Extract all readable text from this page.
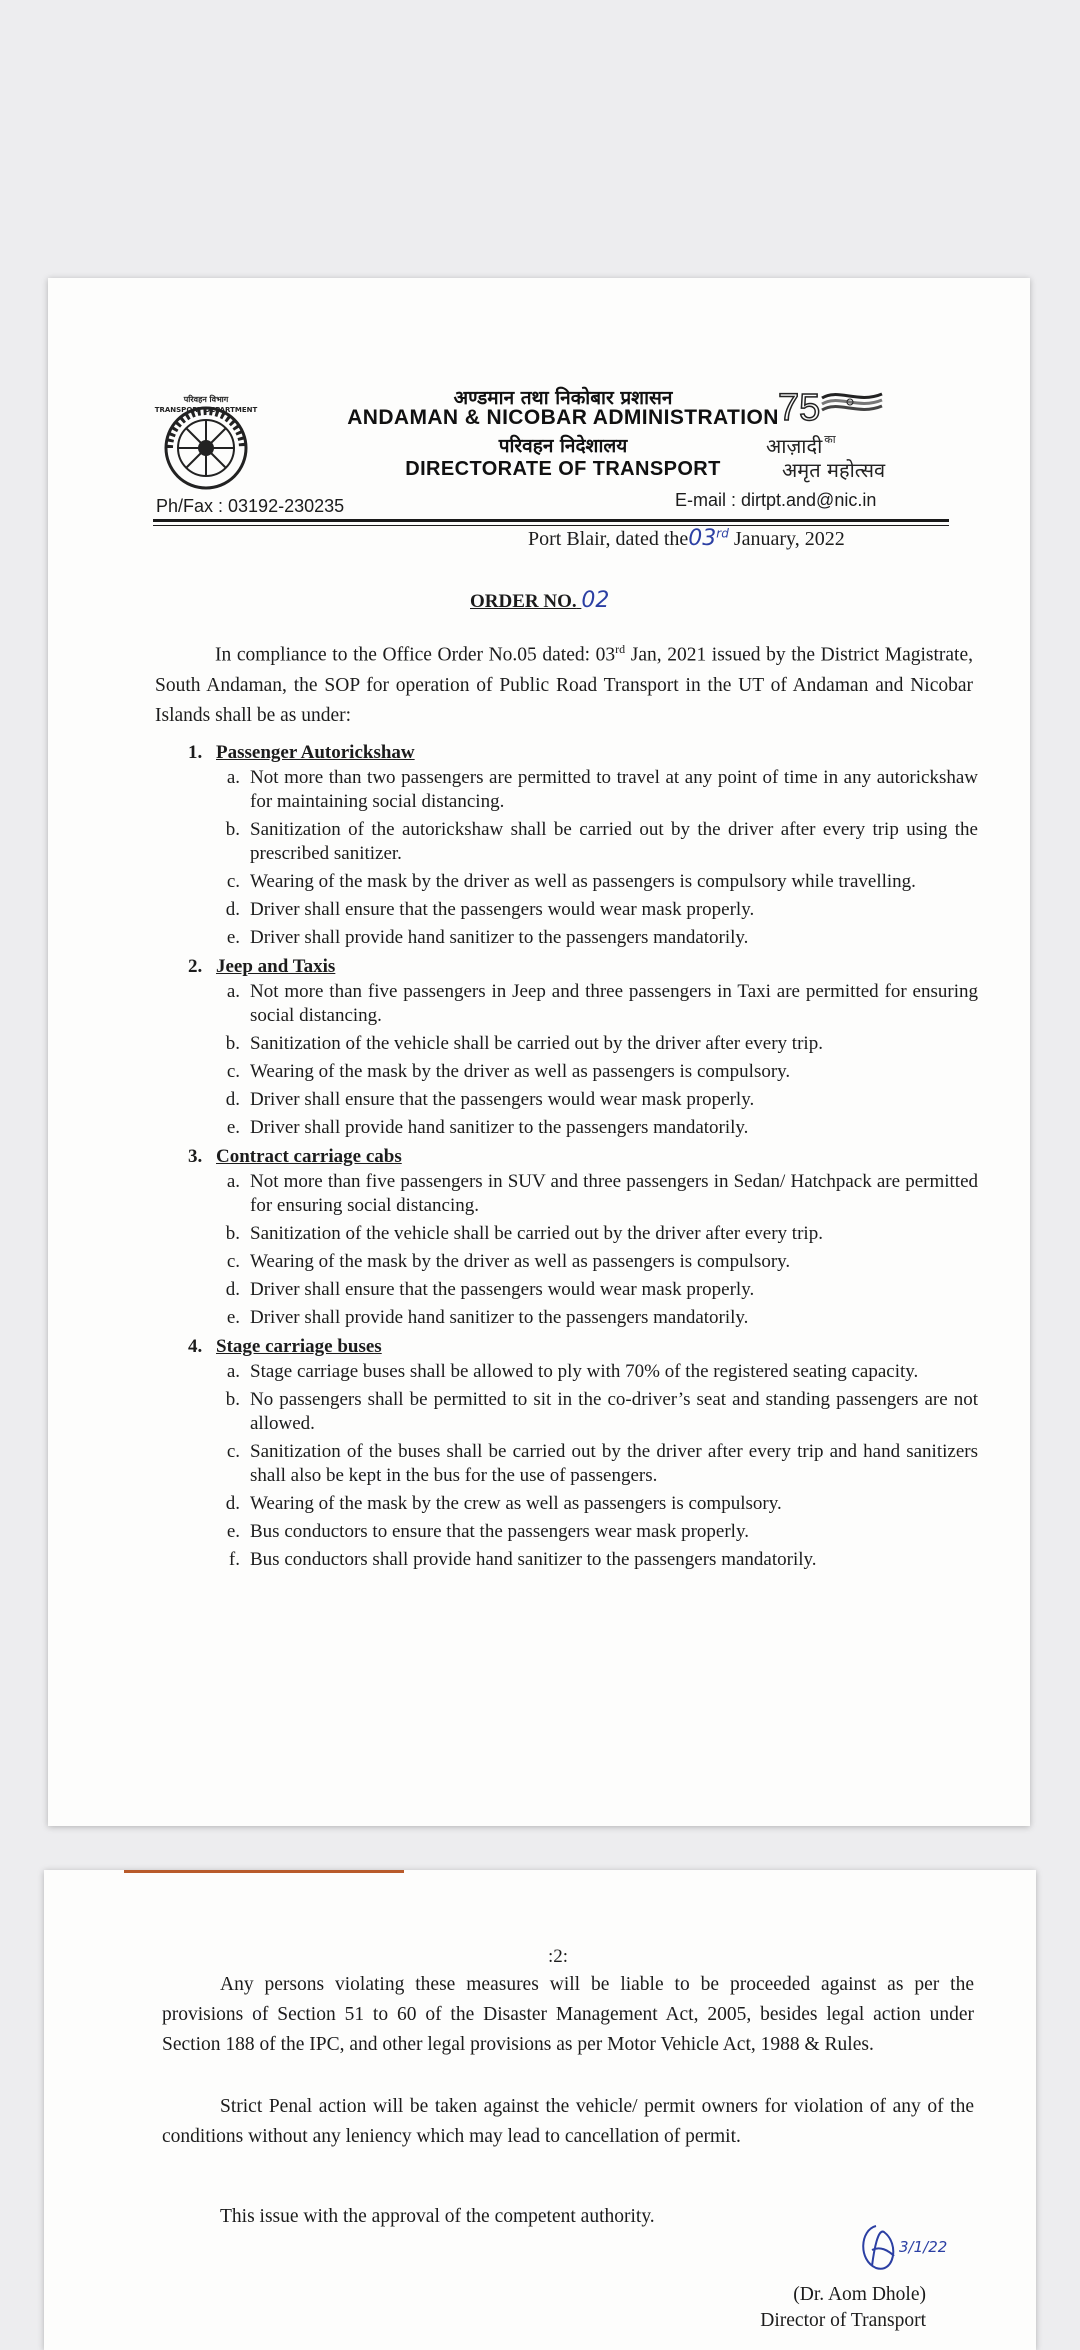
परिवहन विभाग
TRANSPORT DEPARTMENT
अण्डमान तथा निकोबार प्रशासन
ANDAMAN & NICOBAR ADMINISTRATION
परिवहन निदेशालय
DIRECTORATE OF TRANSPORT
75
आज़ादी $^{का}$
अमृत महोत्सव
Ph/Fax : 03192-230235	E-mail : dirtpt.and@nic.in
Port Blair, dated the03rd January, 2022
ORDER NO. 02
In compliance to the Office Order No.05 dated: 03rd Jan, 2021 issued by the District Magistrate, South Andaman, the SOP for operation of Public Road Transport in the UT of Andaman and Nicobar Islands shall be as under:
1. Passenger Autorickshaw
a. Not more than two passengers are permitted to travel at any point of time in any autorickshaw for maintaining social distancing.
b. Sanitization of the autorickshaw shall be carried out by the driver after every trip using the prescribed sanitizer.
c. Wearing of the mask by the driver as well as passengers is compulsory while travelling.
d. Driver shall ensure that the passengers would wear mask properly.
e. Driver shall provide hand sanitizer to the passengers mandatorily.
2. Jeep and Taxis
a. Not more than five passengers in Jeep and three passengers in Taxi are permitted for ensuring social distancing.
b. Sanitization of the vehicle shall be carried out by the driver after every trip.
c. Wearing of the mask by the driver as well as passengers is compulsory.
d. Driver shall ensure that the passengers would wear mask properly.
e. Driver shall provide hand sanitizer to the passengers mandatorily.
3. Contract carriage cabs
a. Not more than five passengers in SUV and three passengers in Sedan/ Hatchpack are permitted for ensuring social distancing.
b. Sanitization of the vehicle shall be carried out by the driver after every trip.
c. Wearing of the mask by the driver as well as passengers is compulsory.
d. Driver shall ensure that the passengers would wear mask properly.
e. Driver shall provide hand sanitizer to the passengers mandatorily.
4. Stage carriage buses
a. Stage carriage buses shall be allowed to ply with 70% of the registered seating capacity.
b. No passengers shall be permitted to sit in the co-driver’s seat and standing passengers are not allowed.
c. Sanitization of the buses shall be carried out by the driver after every trip and hand sanitizers shall also be kept in the bus for the use of passengers.
d. Wearing of the mask by the crew as well as passengers is compulsory.
e. Bus conductors to ensure that the passengers wear mask properly.
f. Bus conductors shall provide hand sanitizer to the passengers mandatorily.
:2:
Any persons violating these measures will be liable to be proceeded against as per the provisions of Section 51 to 60 of the Disaster Management Act, 2005, besides legal action under Section 188 of the IPC, and other legal provisions as per Motor Vehicle Act, 1988 & Rules.
Strict Penal action will be taken against the vehicle/ permit owners for violation of any of the conditions without any leniency which may lead to cancellation of permit.
This issue with the approval of the competent authority.
3/1/22
(Dr. Aom Dhole)
Director of Transport
